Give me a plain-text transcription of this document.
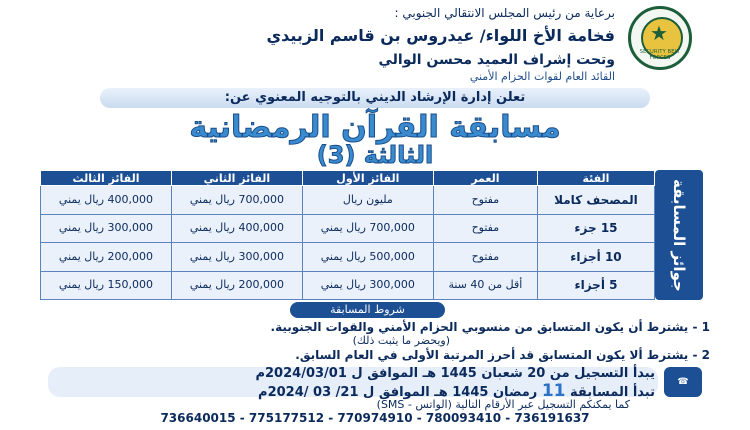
★
SECURITY BELT FORCES
برعاية من رئيس المجلس الانتقالي الجنوبي :
فخامة الأخ اللواء/ عيدروس بن قاسم الزبيدي
وتحت إشراف العميد محسن الوالي
القائد العام لقوات الحزام الأمني
تعلن إدارة الإرشاد الديني بالتوجيه المعنوي عن:
مسابقة القرآن الرمضانية
الثالثة (3)
جوائز المسابقة
الفئة	العمر	الفائز الأول	الفائز الثاني	الفائز الثالث
المصحف كاملا	مفتوح	مليون ريال	700,000 ريال يمني	400,000 ريال يمني
15 جزء	مفتوح	700,000 ريال يمني	400,000 ريال يمني	300,000 ريال يمني
10 أجزاء	مفتوح	500,000 ريال يمني	300,000 ريال يمني	200,000 ريال يمني
5 أجزاء	أقل من 40 سنة	300,000 ريال يمني	200,000 ريال يمني	150,000 ريال يمني
شروط المسابقة
1 - يشترط أن يكون المتسابق من منسوبي الحزام الأمني والقوات الجنوبية.
(ويحضر ما يثبت ذلك)
2 - يشترط ألا يكون المتسابق قد أحرز المرتبة الأولى في العام السابق.
☎
يبدأ التسجيل من 20 شعبان 1445 هـ الموافق ل 2024/03/01م
تبدأ المسابقة 11 رمضان 1445 هـ الموافق ل 21/ 03 /2024م
كما يمكنكم التسجيل عبر الأرقام التالية (الواتس - SMS)
736640015 - 775177512 - 770974910 - 780093410 - 736191637
